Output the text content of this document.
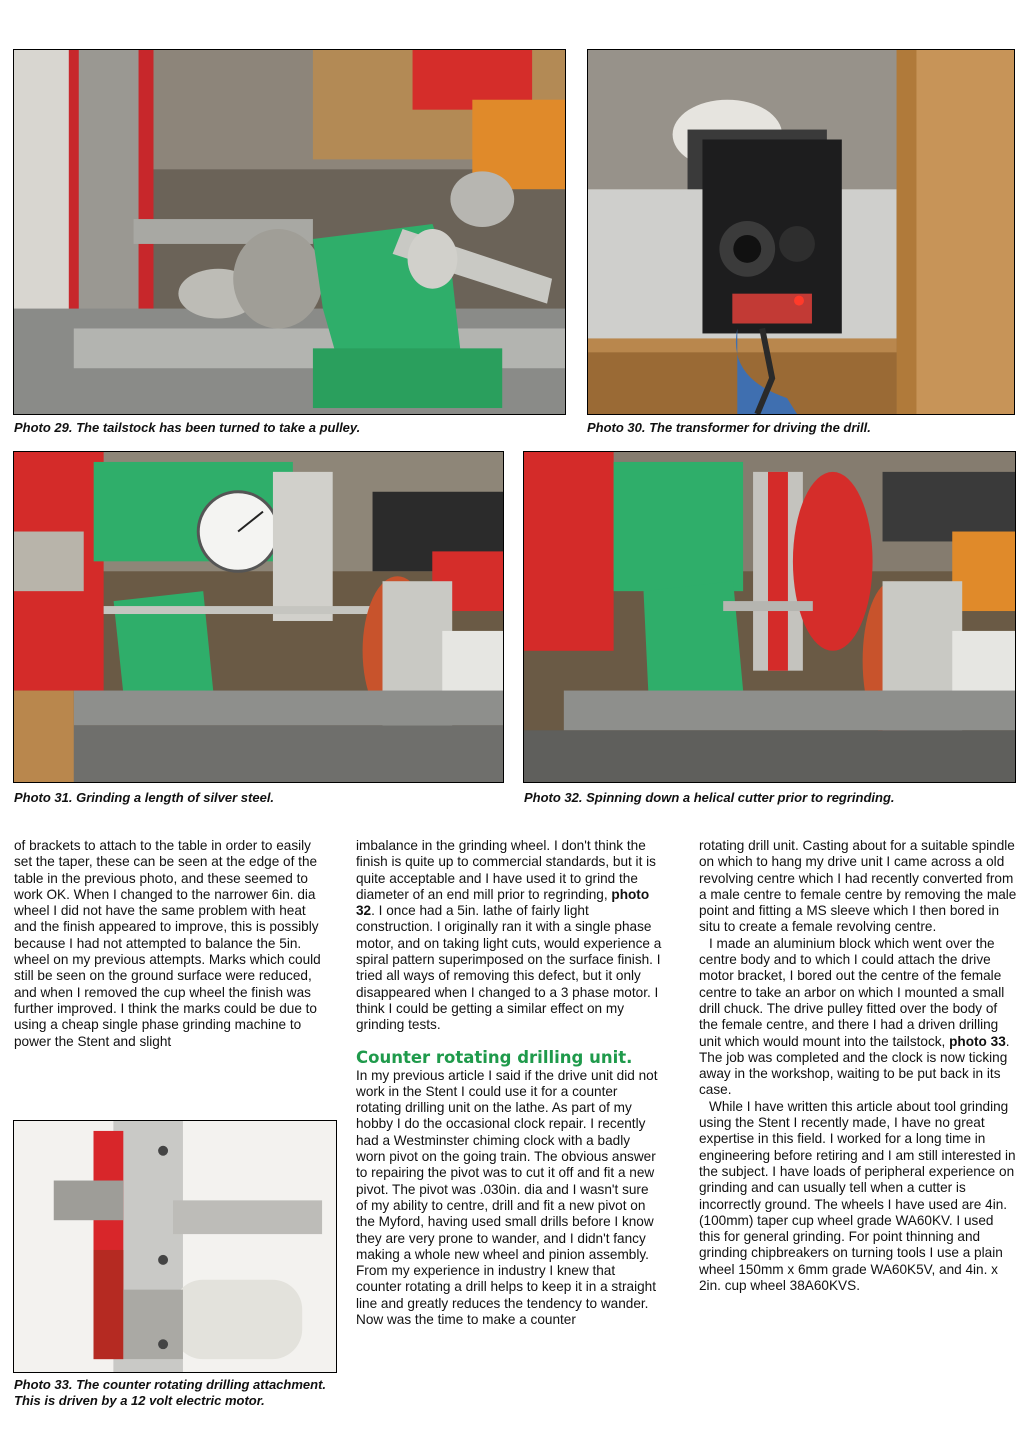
Photo 29. The tailstock has been turned to take a pulley.	Photo 30. The transformer for driving the drill.
Photo 31. Grinding a length of silver steel.	Photo 32. Spinning down a helical cutter prior to regrinding.
Photo 33. The counter rotating drilling attachment. This is driven by a 12 volt electric motor.

of brackets to attach to the table in order to easily set the taper, these can be seen at the edge of the table in the previous photo, and these seemed to work OK. When I changed to the narrower 6in. dia wheel I did not have the same problem with heat and the finish appeared to improve, this is possibly because I had not attempted to balance the 5in. wheel on my previous attempts. Marks which could still be seen on the ground surface were reduced, and when I removed the cup wheel the finish was further improved. I think the marks could be due to using a cheap single phase grinding machine to power the Stent and slight

imbalance in the grinding wheel. I don't think the finish is quite up to commercial standards, but it is quite acceptable and I have used it to grind the diameter of an end mill prior to regrinding, photo 32. I once had a 5in. lathe of fairly light construction. I originally ran it with a single phase motor, and on taking light cuts, would experience a spiral pattern superimposed on the surface finish. I tried all ways of removing this defect, but it only disappeared when I changed to a 3 phase motor. I think I could be getting a similar effect on my grinding tests.

Counter rotating drilling unit.

In my previous article I said if the drive unit did not work in the Stent I could use it for a counter rotating drilling unit on the lathe. As part of my hobby I do the occasional clock repair. I recently had a Westminster chiming clock with a badly worn pivot on the going train. The obvious answer to repairing the pivot was to cut it off and fit a new pivot. The pivot was .030in. dia and I wasn't sure of my ability to centre, drill and fit a new pivot on the Myford, having used small drills before I know they are very prone to wander, and I didn't fancy making a whole new wheel and pinion assembly. From my experience in industry I knew that counter rotating a drill helps to keep it in a straight line and greatly reduces the tendency to wander. Now was the time to make a counter

rotating drill unit. Casting about for a suitable spindle on which to hang my drive unit I came across a old revolving centre which I had recently converted from a male centre to female centre by removing the male point and fitting a MS sleeve which I then bored in situ to create a female revolving centre.

I made an aluminium block which went over the centre body and to which I could attach the drive motor bracket, I bored out the centre of the female centre to take an arbor on which I mounted a small drill chuck. The drive pulley fitted over the body of the female centre, and there I had a driven drilling unit which would mount into the tailstock, photo 33. The job was completed and the clock is now ticking away in the workshop, waiting to be put back in its case.

While I have written this article about tool grinding using the Stent I recently made, I have no great expertise in this field. I worked for a long time in engineering before retiring and I am still interested in the subject. I have loads of peripheral experience on grinding and can usually tell when a cutter is incorrectly ground. The wheels I have used are 4in. (100mm) taper cup wheel grade WA60KV. I used this for general grinding. For point thinning and grinding chipbreakers on turning tools I use a plain wheel 150mm x 6mm grade WA60K5V, and 4in. x 2in. cup wheel 38A60KVS.
